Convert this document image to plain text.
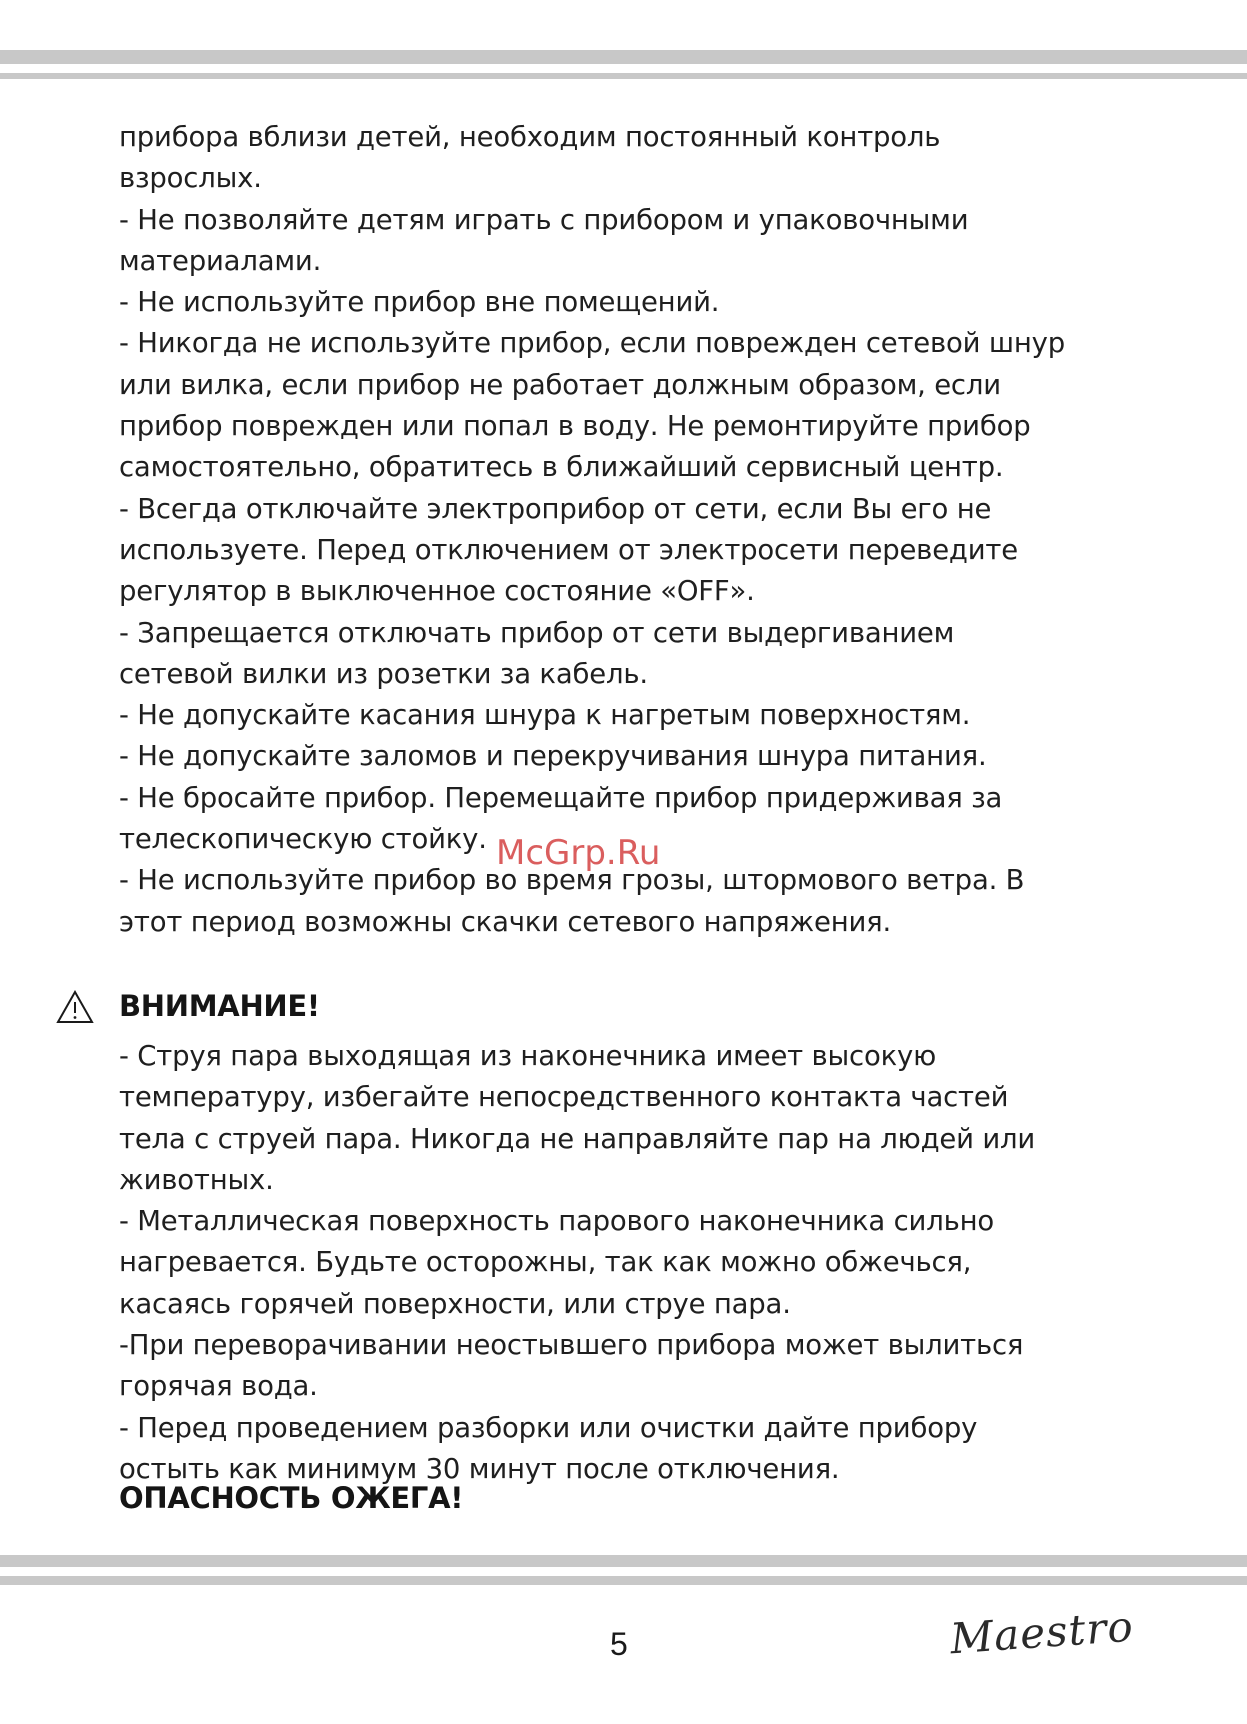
прибора вблизи детей, необходим постоянный контроль
взрослых.
- Не позволяйте детям играть с прибором и упаковочными
материалами.
- Не используйте прибор вне помещений.
- Никогда не используйте прибор, если поврежден сетевой шнур
или вилка, если прибор не работает должным образом, если
прибор поврежден или попал в воду. Не ремонтируйте прибор
самостоятельно, обратитесь в ближайший сервисный центр.
- Всегда отключайте электроприбор от сети, если Вы его не
используете. Перед отключением от электросети переведите
регулятор в выключенное состояние «OFF».
- Запрещается отключать прибор от сети выдергиванием
сетевой вилки из розетки за кабель.
- Не допускайте касания шнура к нагретым поверхностям.
- Не допускайте заломов и перекручивания шнура питания.
- Не бросайте прибор. Перемещайте прибор придерживая за
телескопическую стойку.
- Не используйте прибор во время грозы, штормового ветра. В
этот период возможны скачки сетевого напряжения.
McGrp.Ru
ВНИМАНИЕ!
- Струя пара выходящая из наконечника имеет высокую
температуру, избегайте непосредственного контакта частей
тела с струей пара. Никогда не направляйте пар на людей или
животных.
- Металлическая поверхность парового наконечника сильно
нагревается. Будьте осторожны, так как можно обжечься,
касаясь горячей поверхности, или струе пара.
-При переворачивании неостывшего прибора может вылиться
горячая вода.
- Перед проведением разборки или очистки дайте прибору
остыть как минимум 30 минут после отключения.
ОПАСНОСТЬ ОЖЕГА!
5	Maestro
